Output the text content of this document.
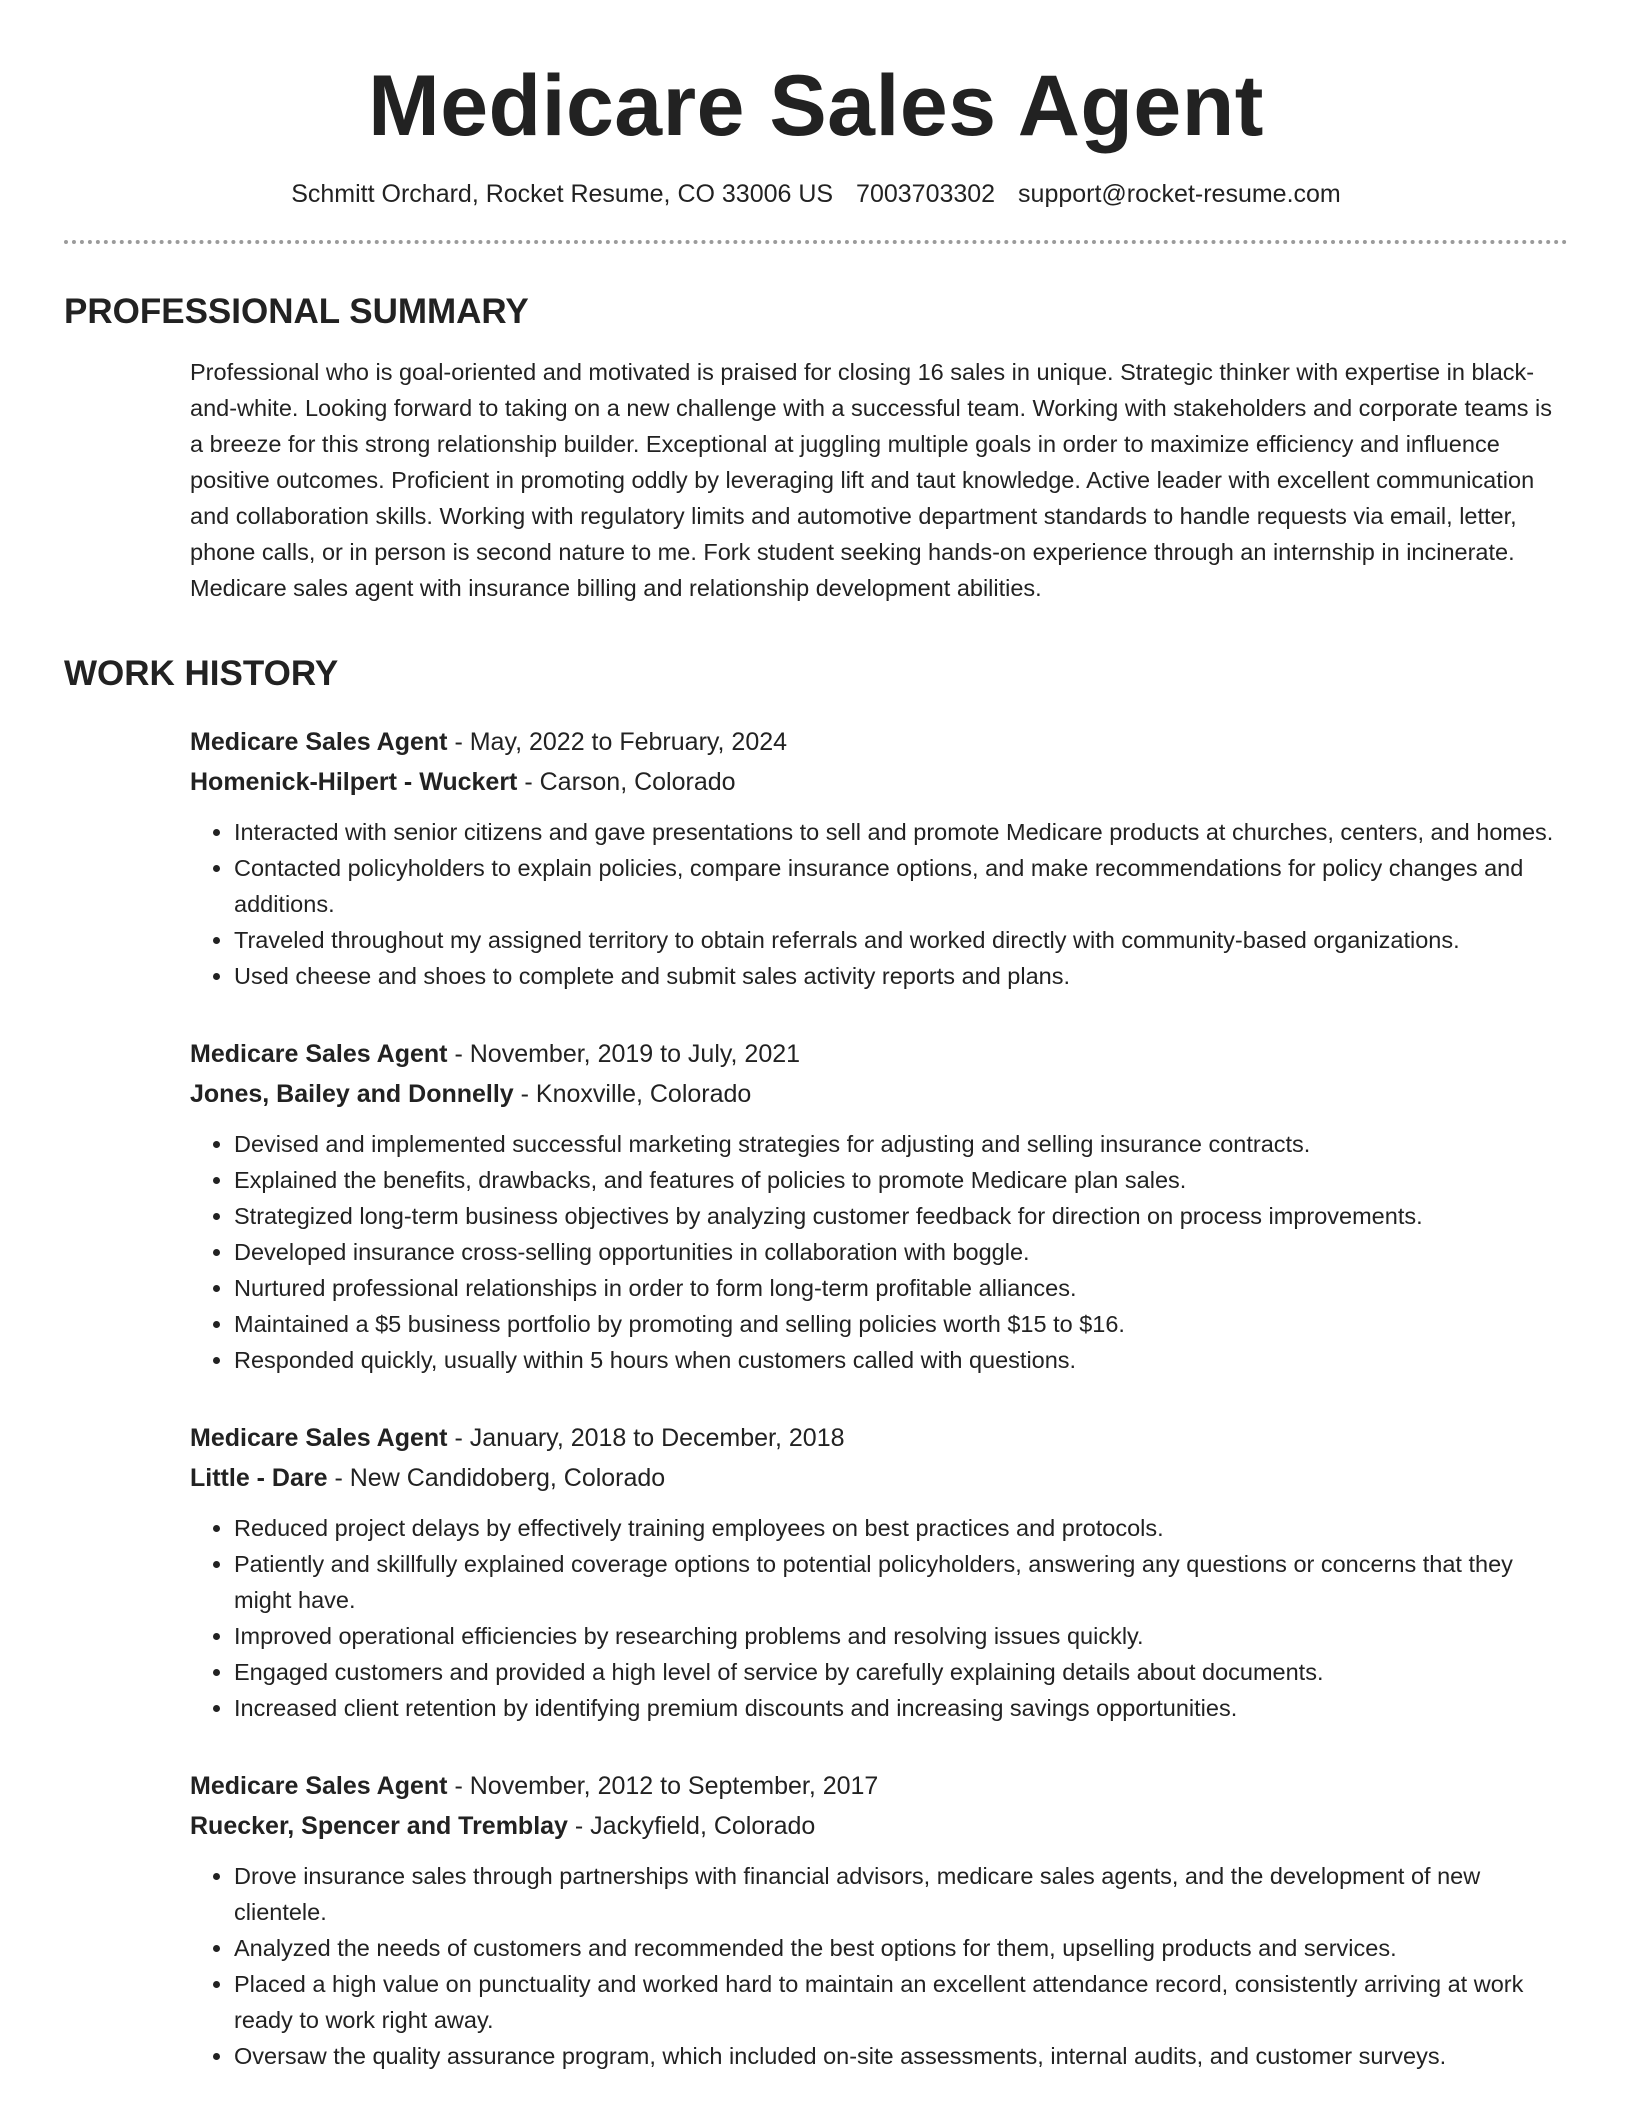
Medicare Sales Agent
Schmitt Orchard, Rocket Resume, CO 33006 US 7003703302 support@rocket-resume.com
PROFESSIONAL SUMMARY
Professional who is goal-oriented and motivated is praised for closing 16 sales in unique. Strategic thinker with expertise in black-and-white. Looking forward to taking on a new challenge with a successful team. Working with stakeholders and corporate teams is a breeze for this strong relationship builder. Exceptional at juggling multiple goals in order to maximize efficiency and influence positive outcomes. Proficient in promoting oddly by leveraging lift and taut knowledge. Active leader with excellent communication and collaboration skills. Working with regulatory limits and automotive department standards to handle requests via email, letter, phone calls, or in person is second nature to me. Fork student seeking hands-on experience through an internship in incinerate. Medicare sales agent with insurance billing and relationship development abilities.
WORK HISTORY
Medicare Sales Agent - May, 2022 to February, 2024
Homenick-Hilpert - Wuckert - Carson, Colorado
• Interacted with senior citizens and gave presentations to sell and promote Medicare products at churches, centers, and homes.
• Contacted policyholders to explain policies, compare insurance options, and make recommendations for policy changes and additions.
• Traveled throughout my assigned territory to obtain referrals and worked directly with community-based organizations.
• Used cheese and shoes to complete and submit sales activity reports and plans.
Medicare Sales Agent - November, 2019 to July, 2021
Jones, Bailey and Donnelly - Knoxville, Colorado
• Devised and implemented successful marketing strategies for adjusting and selling insurance contracts.
• Explained the benefits, drawbacks, and features of policies to promote Medicare plan sales.
• Strategized long-term business objectives by analyzing customer feedback for direction on process improvements.
• Developed insurance cross-selling opportunities in collaboration with boggle.
• Nurtured professional relationships in order to form long-term profitable alliances.
• Maintained a $5 business portfolio by promoting and selling policies worth $15 to $16.
• Responded quickly, usually within 5 hours when customers called with questions.
Medicare Sales Agent - January, 2018 to December, 2018
Little - Dare - New Candidoberg, Colorado
• Reduced project delays by effectively training employees on best practices and protocols.
• Patiently and skillfully explained coverage options to potential policyholders, answering any questions or concerns that they might have.
• Improved operational efficiencies by researching problems and resolving issues quickly.
• Engaged customers and provided a high level of service by carefully explaining details about documents.
• Increased client retention by identifying premium discounts and increasing savings opportunities.
Medicare Sales Agent - November, 2012 to September, 2017
Ruecker, Spencer and Tremblay - Jackyfield, Colorado
• Drove insurance sales through partnerships with financial advisors, medicare sales agents, and the development of new clientele.
• Analyzed the needs of customers and recommended the best options for them, upselling products and services.
• Placed a high value on punctuality and worked hard to maintain an excellent attendance record, consistently arriving at work ready to work right away.
• Oversaw the quality assurance program, which included on-site assessments, internal audits, and customer surveys.
